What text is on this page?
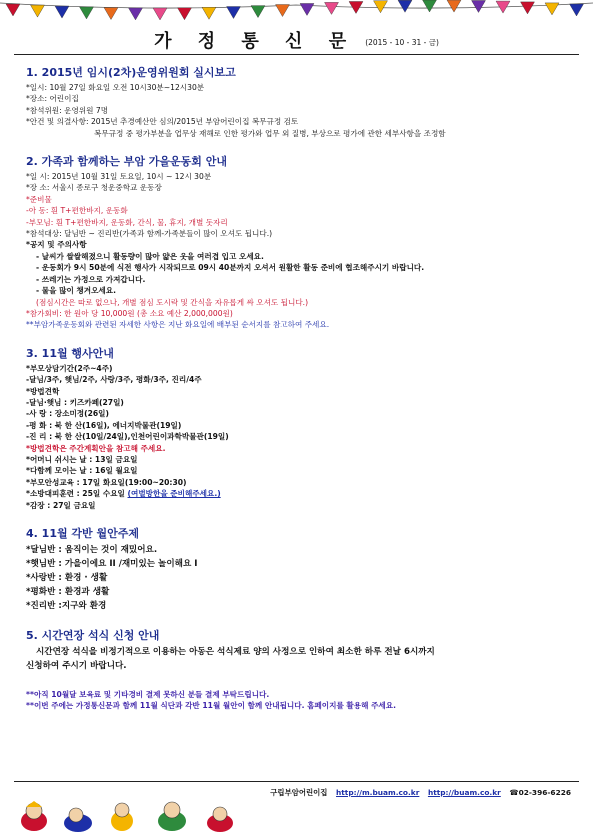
가 정 통 신 문 (2015 - 10 - 31 - 금)
1. 2015년 임시(2차)운영위원회 실시보고
*일시: 10월 27일 화요일 오전 10시30분~12시30분
*장소: 어린이집
*참석위원: 운영위원 7명
*안건 및 의결사항: 2015년 추경예산안 심의/2015년 부암어린이집 복무규정 검토
복무규정 중 평가부분을 업무상 재해로 인한 평가와 업무 외 질병, 부상으로 평가에 관한 세부사항을 조정함
2. 가족과 함께하는 부암 가을운동회 안내
*일 시: 2015년 10월 31일 토요일, 10시 ~ 12시 30분
*장 소: 서울시 종로구 청운중학교 운동장
*준비물
-아 동: 흰 T+편한바지, 운동화
-부모님: 흰 T+편한바지, 운동화, 간식, 물, 휴지, 개별 돗자리
*참석대상: 달님반 ~ 진리반(가족과 함께-가족분들이 많이 오셔도 됩니다.)
*공지 및 주의사항
- 날씨가 쌀쌀해졌으니 활동량이 많아 얇은 옷을 여러겹 입고 오세요.
- 운동회가 9시 50분에 식전 행사가 시작되므로 09시 40분까지 오셔서 원활한 활동 준비에 협조해주시기 바랍니다.
- 쓰레기는 가정으로 가져갑니다.
- 물을 많이 챙겨오세요.
(점심시간은 따로 없으나, 개별 점심 도시락 및 간식을 자유롭게 싸 오셔도 됩니다.)
*참가회비: 한 원아 당 10,000원 (총 소요 예산 2,000,000원)
**부암가족운동회와 관련된 자세한 사항은 지난 화요일에 배부된 순서지를 참고하여 주세요.
3. 11월 행사안내
*부모상담기간(2주~4주)
-달님/3주, 햇님/2주, 사랑/3주, 평화/3주, 진리/4주
*방법견학
-달님·햇님 : 키즈카페(27일)
-사 랑 : 장소미정(26일)
-평 화 : 북 한 산(16일), 에너지박물관(19일)
-진 리 : 북 한 산(10일/24일),인천어린이과학박물관(19일)
*방법견학은 주간계획안을 참고해 주세요.
*어머니 쉬시는 날 : 13일 금요일
*다함께 모이는 날 : 16일 월요일
*부모안성교육 : 17일 화요일(19:00~20:30)
*소방대피훈련 : 25일 수요일 (여벌방한을 준비해주세요.)
*감장 : 27일 금요일
4. 11월 각반 월안주제
*달님반 : 움직이는 것이 재밌어요.
*햇님반 : 가을이에요 II /재미있는 놀이해요 I
*사랑반 : 환경 · 생활
*평화반 : 환경과 생활
*진리반 :지구와 환경
5. 시간연장 석식 신청 안내
시간연장 석식을 비정기적으로 이용하는 아동은 석식제료 양의 사정으로 인하여 최소한 하루 전날 6시까지
신청하여 주시기 바랍니다.
**아직 10월달 보육료 및 기타경비 결제 못하신 분들 결제 부탁드립니다.
**이번 주에는 가정통신문과 함께 11월 식단과 각반 11월 월안이 함께 안내됩니다. 홈페이지를 활용해 주세요.
구립부암어린이집 http://m.buam.co.kr http://buam.co.kr ☎02-396-6226
